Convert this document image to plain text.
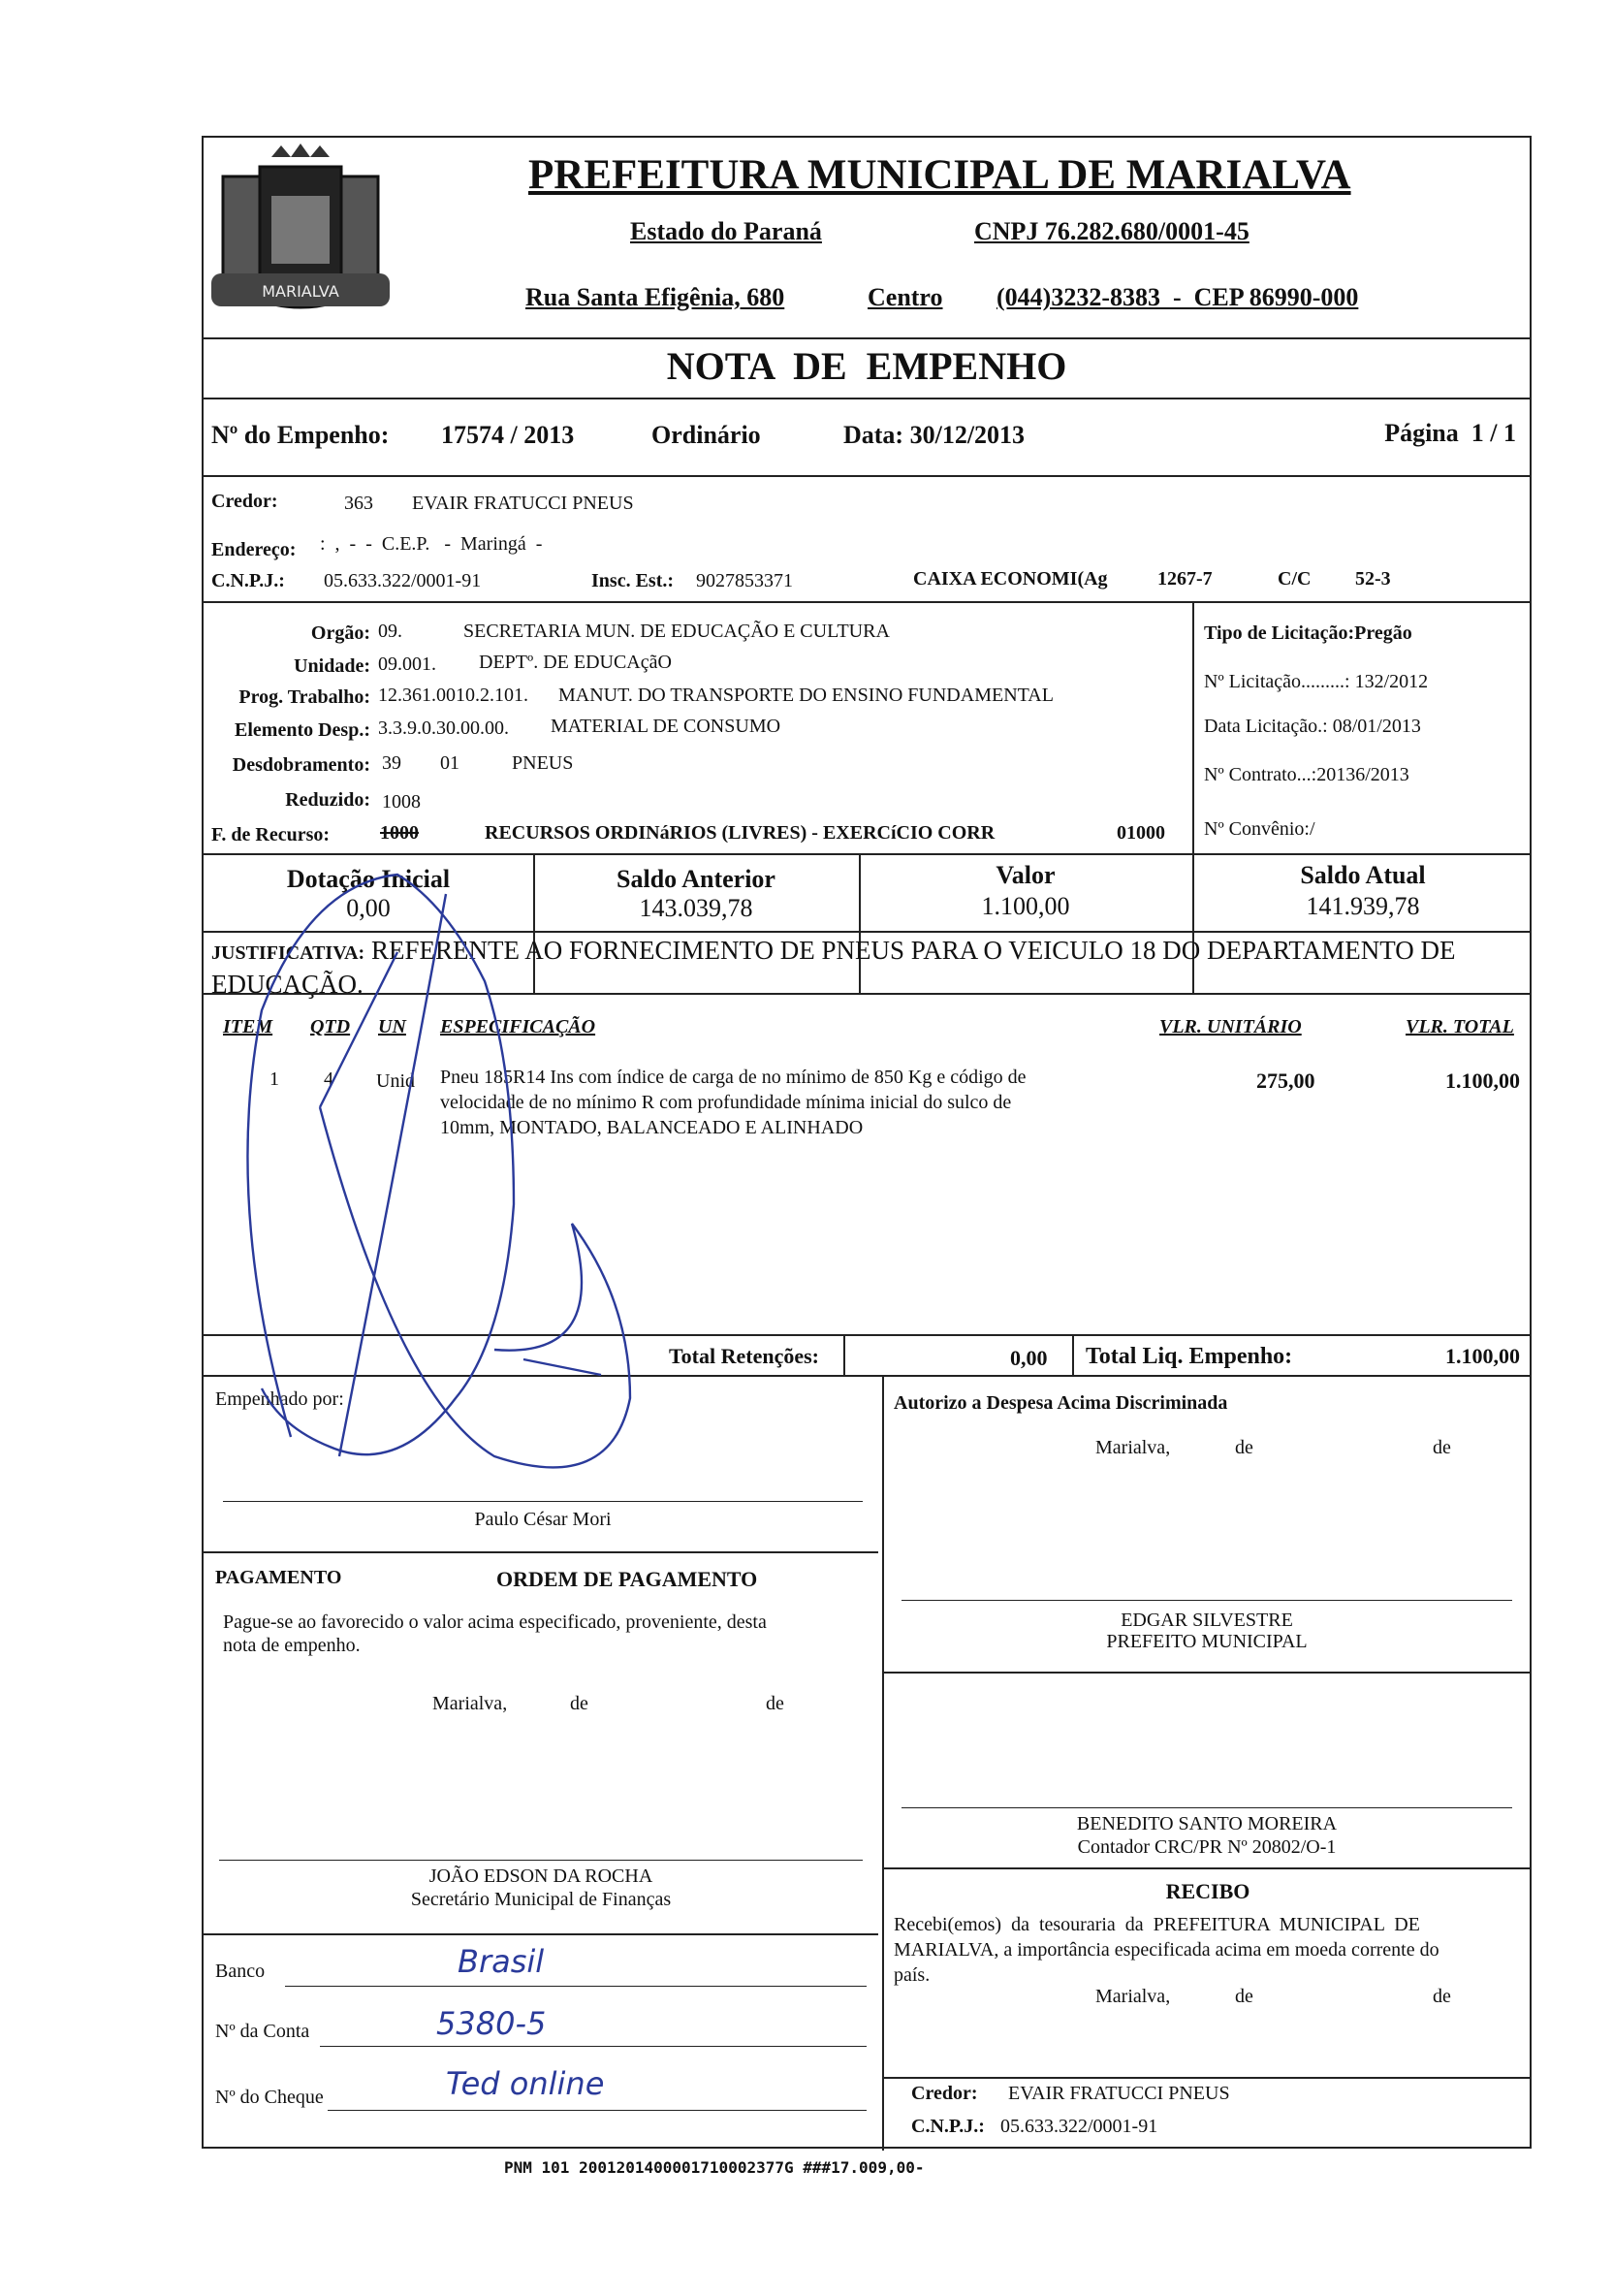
MARIALVA
PREFEITURA MUNICIPAL DE MARIALVA
Estado do Paraná	CNPJ 76.282.680/0001-45
Rua Santa Efigênia, 680	Centro (044)3232-8383  -  CEP 86990-000
NOTA  DE  EMPENHO
Nº do Empenho: 17574 / 2013	Ordinário	Data: 30/12/2013	Página  1 / 1
Credor:	363 EVAIR FRATUCCI PNEUS
Endereço: :  ,  -  -  C.E.P.   -  Maringá  -
C.N.P.J.: 05.633.322/0001-91	Insc. Est.: 9027853371	CAIXA ECONOMI(Ag	1267-7	C/C 52-3
Orgão: 09.	SECRETARIA MUN. DE EDUCAÇÃO E CULTURA
Unidade: 09.001. DEPTº. DE EDUCAçãO
Prog. Trabalho: 12.361.0010.2.101. MANUT. DO TRANSPORTE DO ENSINO FUNDAMENTAL
Elemento Desp.: 3.3.9.0.30.00.00. MATERIAL DE CONSUMO
Desdobramento: 39 01	PNEUS
Reduzido: 1008
F. de Recurso:	1000	RECURSOS ORDINáRIOS (LIVRES) - EXERCíCIO CORR	01000
Tipo de Licitação:Pregão
Nº Licitação.........: 132/2012
Data Licitação.: 08/01/2013
Nº Contrato...:20136/2013
Nº Convênio:/
Dotação Inicial
0,00
Saldo Anterior
143.039,78
Valor
1.100,00
Saldo Atual
141.939,78
JUSTIFICATIVA: REFERENTE AO FORNECIMENTO DE PNEUS PARA O VEICULO 18 DO DEPARTAMENTO DE EDUCAÇÃO.
ITEM QTD UN ESPECIFICAÇÃO	VLR. UNITÁRIO	VLR. TOTAL
1 4 Unid Pneu 185R14 Ins com índice de carga de no mínimo de 850 Kg e código de
velocidade de no mínimo R com profundidade mínima inicial do sulco de
10mm, MONTADO, BALANCEADO E ALINHADO
275,00	1.100,00
Total Retenções:	0,00 Total Liq. Empenho:	1.100,00
Empenhado por:
Paulo César Mori
PAGAMENTO	ORDEM DE PAGAMENTO
Pague-se ao favorecido o valor acima especificado, proveniente, desta
nota de empenho.
Marialva,	de	de
JOÃO EDSON DA ROCHA
Secretário Municipal de Finanças
Banco	Brasil
Nº da Conta	5380-5
Nº do Cheque	Ted online
Autorizo a Despesa Acima Discriminada
Marialva,	de	de
EDGAR SILVESTRE
PREFEITO MUNICIPAL
BENEDITO SANTO MOREIRA
Contador CRC/PR Nº 20802/O-1
RECIBO
Recebi(emos)  da  tesouraria  da  PREFEITURA  MUNICIPAL  DE
MARIALVA, a importância especificada acima em moeda corrente do
país.
Marialva,	de	de
Credor: EVAIR FRATUCCI PNEUS
C.N.P.J.: 05.633.322/0001-91
PNM 101 2001201400001710002377G ###17.009,00-
